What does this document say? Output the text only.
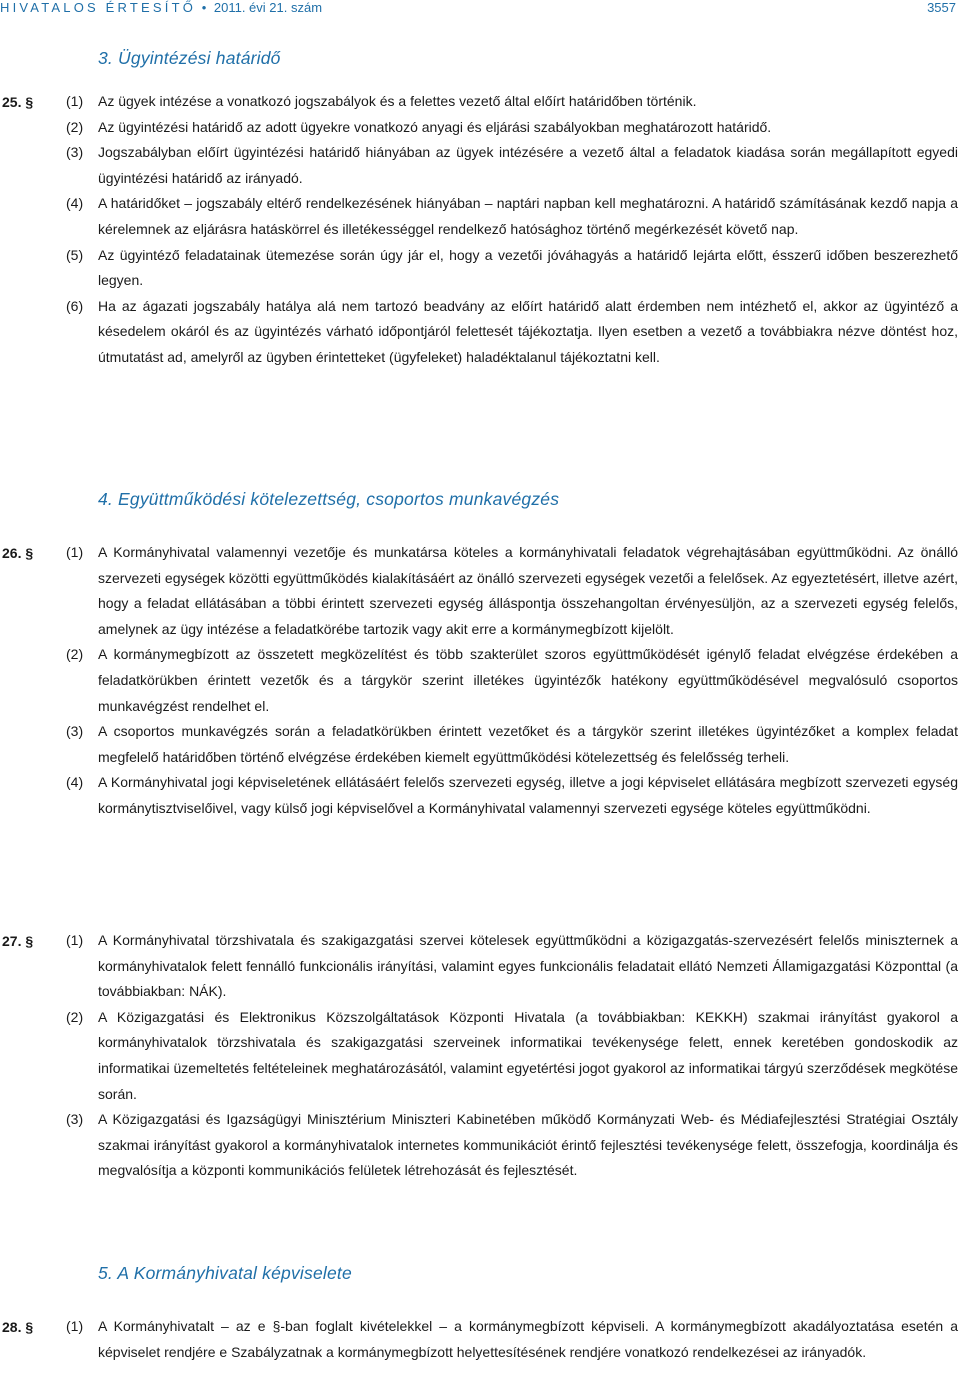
HIVATALOS ÉRTESÍTŐ • 2011. évi 21. szám	3557
3. Ügyintézési határidő
25. § (1) Az ügyek intézése a vonatkozó jogszabályok és a felettes vezető által előírt határidőben történik.
(2) Az ügyintézési határidő az adott ügyekre vonatkozó anyagi és eljárási szabályokban meghatározott határidő.
(3) Jogszabályban előírt ügyintézési határidő hiányában az ügyek intézésére a vezető által a feladatok kiadása során megállapított egyedi ügyintézési határidő az irányadó.
(4) A határidőket – jogszabály eltérő rendelkezésének hiányában – naptári napban kell meghatározni. A határidő számításának kezdő napja a kérelemnek az eljárásra hatáskörrel és illetékességgel rendelkező hatósághoz történő megérkezését követő nap.
(5) Az ügyintéző feladatainak ütemezése során úgy jár el, hogy a vezetői jóváhagyás a határidő lejárta előtt, ésszerű időben beszerezhető legyen.
(6) Ha az ágazati jogszabály hatálya alá nem tartozó beadvány az előírt határidő alatt érdemben nem intézhető el, akkor az ügyintéző a késedelem okáról és az ügyintézés várható időpontjáról felettesét tájékoztatja. Ilyen esetben a vezető a továbbiakra nézve döntést hoz, útmutatást ad, amelyről az ügyben érintetteket (ügyfeleket) haladéktalanul tájékoztatni kell.
4. Együttműködési kötelezettség, csoportos munkavégzés
26. § (1) A Kormányhivatal valamennyi vezetője és munkatársa köteles a kormányhivatali feladatok végrehajtásában együttműködni. Az önálló szervezeti egységek közötti együttműködés kialakításáért az önálló szervezeti egységek vezetői a felelősek. Az egyeztetésért, illetve azért, hogy a feladat ellátásában a többi érintett szervezeti egység álláspontja összehangoltan érvényesüljön, az a szervezeti egység felelős, amelynek az ügy intézése a feladatkörébe tartozik vagy akit erre a kormánymegbízott kijelölt.
(2) A kormánymegbízott az összetett megközelítést és több szakterület szoros együttműködését igénylő feladat elvégzése érdekében a feladatkörükben érintett vezetők és a tárgykör szerint illetékes ügyintézők hatékony együttműködésével megvalósuló csoportos munkavégzést rendelhet el.
(3) A csoportos munkavégzés során a feladatkörükben érintett vezetőket és a tárgykör szerint illetékes ügyintézőket a komplex feladat megfelelő határidőben történő elvégzése érdekében kiemelt együttműködési kötelezettség és felelősség terheli.
(4) A Kormányhivatal jogi képviseletének ellátásáért felelős szervezeti egység, illetve a jogi képviselet ellátására megbízott szervezeti egység kormánytisztviselőivel, vagy külső jogi képviselővel a Kormányhivatal valamennyi szervezeti egysége köteles együttműködni.
27. § (1) A Kormányhivatal törzshivatala és szakigazgatási szervei kötelesek együttműködni a közigazgatás-szervezésért felelős miniszternek a kormányhivatalok felett fennálló funkcionális irányítási, valamint egyes funkcionális feladatait ellátó Nemzeti Államigazgatási Központtal (a továbbiakban: NÁK).
(2) A Közigazgatási és Elektronikus Közszolgáltatások Központi Hivatala (a továbbiakban: KEKKH) szakmai irányítást gyakorol a kormányhivatalok törzshivatala és szakigazgatási szerveinek informatikai tevékenysége felett, ennek keretében gondoskodik az informatikai üzemeltetés feltételeinek meghatározásától, valamint egyetértési jogot gyakorol az informatikai tárgyú szerződések megkötése során.
(3) A Közigazgatási és Igazságügyi Minisztérium Miniszteri Kabinetében működő Kormányzati Web- és Médiafejlesztési Stratégiai Osztály szakmai irányítást gyakorol a kormányhivatalok internetes kommunikációt érintő fejlesztési tevékenysége felett, összefogja, koordinálja és megvalósítja a központi kommunikációs felületek létrehozását és fejlesztését.
5. A Kormányhivatal képviselete
28. § (1) A Kormányhivatalt – az e §-ban foglalt kivételekkel – a kormánymegbízott képviseli. A kormánymegbízott akadályoztatása esetén a képviselet rendjére e Szabályzatnak a kormánymegbízott helyettesítésének rendjére vonatkozó rendelkezései az irányadók.
